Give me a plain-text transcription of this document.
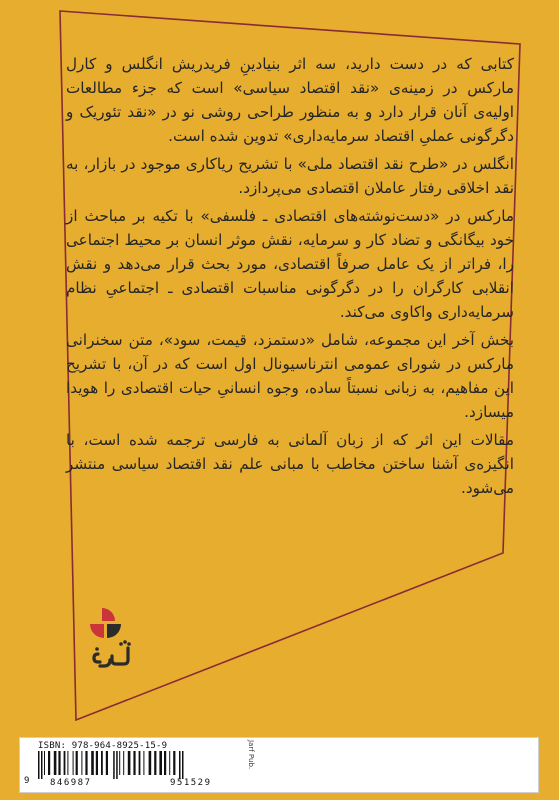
کتابی که در دست دارید، سه اثر بنیادینِ فریدریش انگلس و کارل مارکس در زمینه‌ی «نقد اقتصاد سیاسی» است که جزء مطالعات اولیه‌ی آنان قرار دارد و به منظور طراحی روشی نو در «نقد تئوریک و دگرگونی عملیِ اقتصاد سرمایه‌داری» تدوین شده است.

انگلس در «طرح نقد اقتصاد ملی» با تشریح ریاکاری موجود در بازار، به نقد اخلاقی رفتار عاملان اقتصادی می‌پردازد.

مارکس در «دست‌نوشته‌های اقتصادی ـ فلسفی» با تکیه بر مباحث از خود بیگانگی و تضاد کار و سرمایه، نقش موثر انسان بر محیط اجتماعی را، فراتر از یک عامل صرفاً اقتصادی، مورد بحث قرار می‌دهد و نقش انقلابی کارگران را در دگرگونی مناسبات اقتصادی ـ اجتماعیِ نظام سرمایه‌داری واکاوی می‌کند.

بخش آخر این مجموعه، شامل «دستمزد، قیمت، سود»، متن سخنرانی مارکس در شورای عمومی انترناسیونال اول است که در آن، با تشریح این مفاهیم، به زبانی نسبتاً ساده، وجوه انسانیِ حیات اقتصادی را هویدا میسازد.

مقالات این اثر که از زبان آلمانی به فارسی ترجمه شده است، با انگیزه‌ی آشنا ساختن مخاطب با مبانی علم نقد اقتصاد سیاسی منتشر می‌شود.

ISBN: 978-964-8925-15-9	Jarf Pub.
9 846987	951529
